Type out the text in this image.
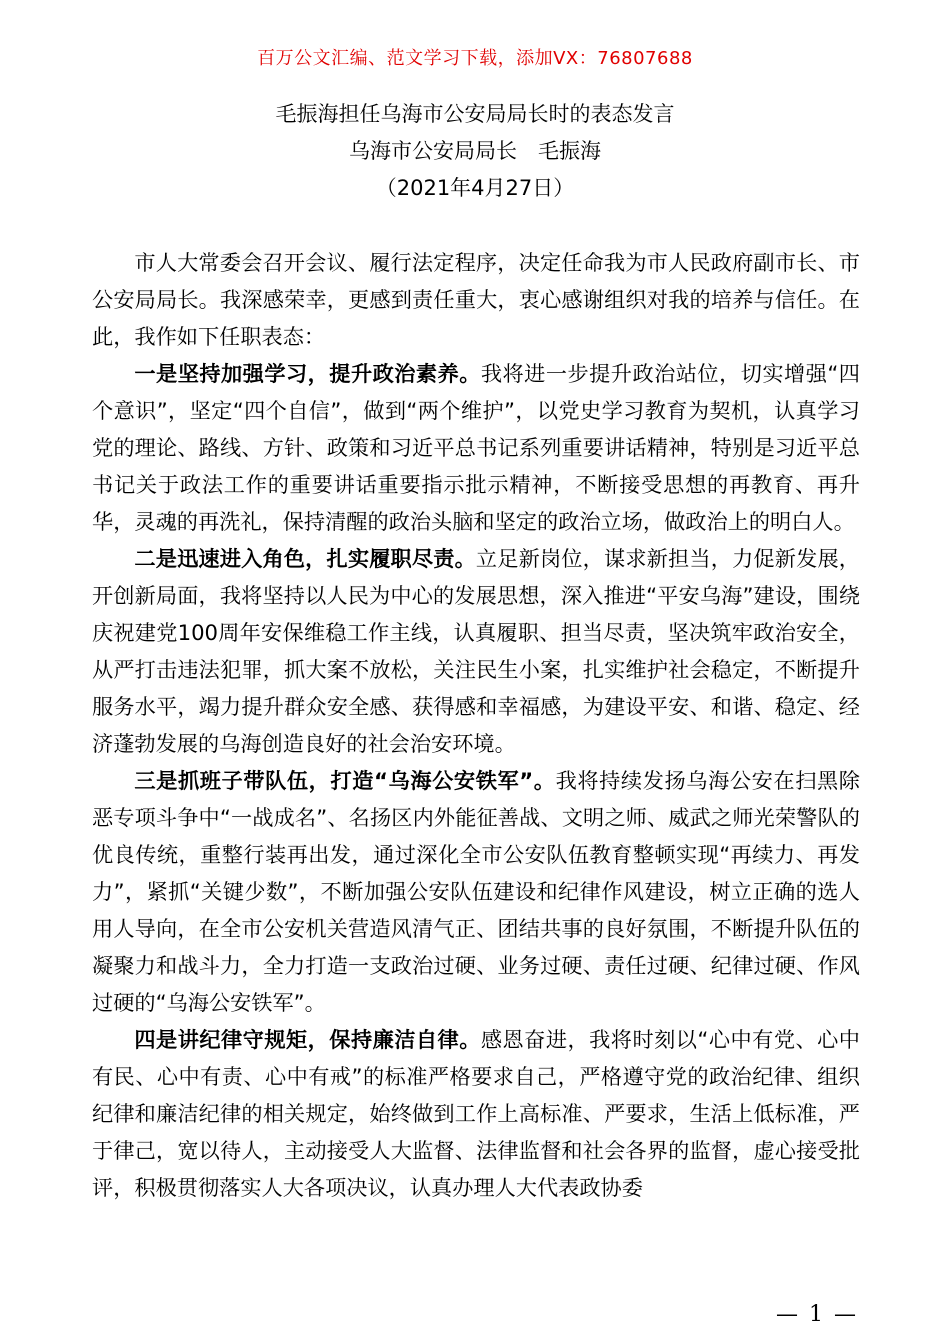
百万公文汇编、范文学习下载，添加VX：76807688
毛振海担任乌海市公安局局长时的表态发言
乌海市公安局局长　毛振海
（2021年4月27日）

市人大常委会召开会议、履行法定程序，决定任命我为市人民政府副市长、市公安局局长。我深感荣幸，更感到责任重大，衷心感谢组织对我的培养与信任。在此，我作如下任职表态：

一是坚持加强学习，提升政治素养。我将进一步提升政治站位，切实增强“四个意识”，坚定“四个自信”，做到“两个维护”，以党史学习教育为契机，认真学习党的理论、路线、方针、政策和习近平总书记系列重要讲话精神，特别是习近平总书记关于政法工作的重要讲话重要指示批示精神，不断接受思想的再教育、再升华，灵魂的再洗礼，保持清醒的政治头脑和坚定的政治立场，做政治上的明白人。

二是迅速进入角色，扎实履职尽责。立足新岗位，谋求新担当，力促新发展，开创新局面，我将坚持以人民为中心的发展思想，深入推进“平安乌海”建设，围绕庆祝建党100周年安保维稳工作主线，认真履职、担当尽责，坚决筑牢政治安全，从严打击违法犯罪，抓大案不放松，关注民生小案，扎实维护社会稳定，不断提升服务水平，竭力提升群众安全感、获得感和幸福感，为建设平安、和谐、稳定、经济蓬勃发展的乌海创造良好的社会治安环境。

三是抓班子带队伍，打造“乌海公安铁军”。我将持续发扬乌海公安在扫黑除恶专项斗争中“一战成名”、名扬区内外能征善战、文明之师、威武之师光荣警队的优良传统，重整行装再出发，通过深化全市公安队伍教育整顿实现“再续力、再发力”，紧抓“关键少数”，不断加强公安队伍建设和纪律作风建设，树立正确的选人用人导向，在全市公安机关营造风清气正、团结共事的良好氛围，不断提升队伍的凝聚力和战斗力，全力打造一支政治过硬、业务过硬、责任过硬、纪律过硬、作风过硬的“乌海公安铁军”。

四是讲纪律守规矩，保持廉洁自律。感恩奋进，我将时刻以“心中有党、心中有民、心中有责、心中有戒”的标准严格要求自己，严格遵守党的政治纪律、组织纪律和廉洁纪律的相关规定，始终做到工作上高标准、严要求，生活上低标准，严于律己，宽以待人，主动接受人大监督、法律监督和社会各界的监督，虚心接受批评，积极贯彻落实人大各项决议，认真办理人大代表政协委

— 1 —
